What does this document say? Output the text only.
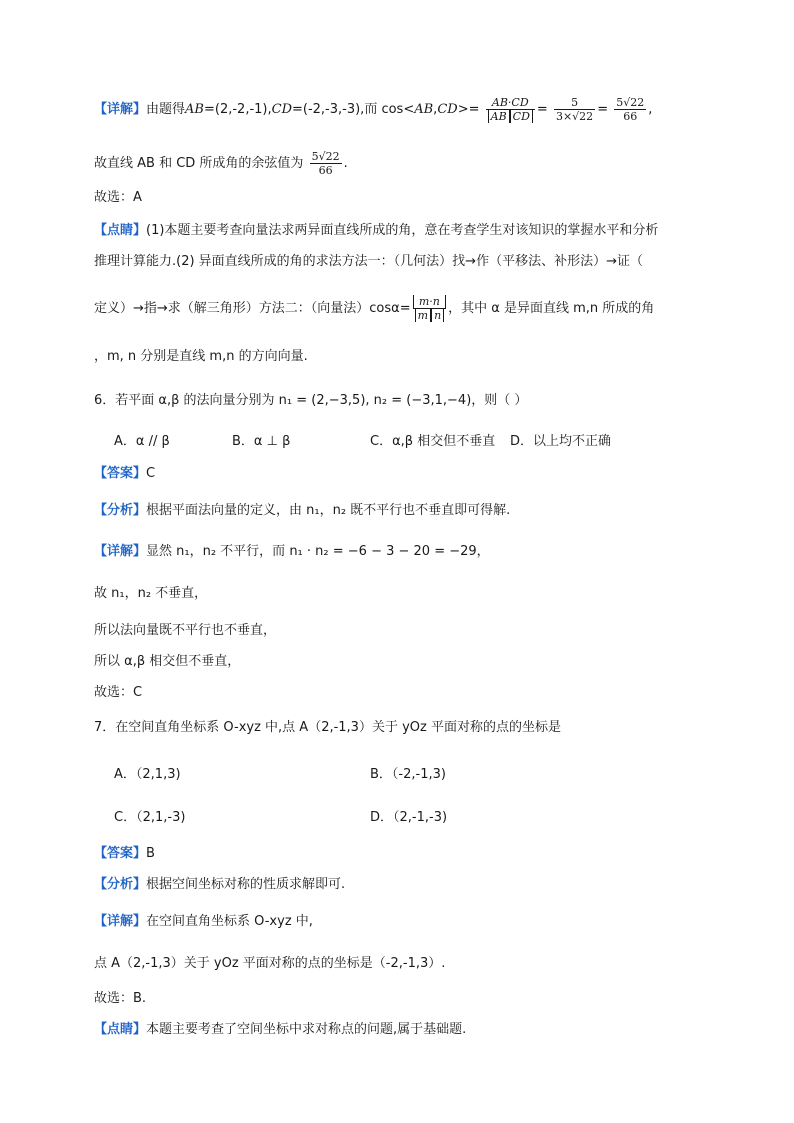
【详解】由题得AB=(2,-2,-1),CD=(-2,-3,-3),而 $\cos<AB,CD>= \frac{AB\cdot CD}{\text{AB CD}} = \frac{5}{3\times√22} = \frac{5√22}{66}$ ,
故直线 AB 和 CD 所成角的余弦值为 $\frac{5√22}{66}$ .
故选：A
【点睛】(1)本题主要考查向量法求两异面直线所成的角，意在考查学生对该知识的掌握水平和分析
推理计算能力.(2) 异面直线所成的角的求法方法一：（几何法）找→作（平移法、补形法）→证（
定义）→指→求（解三角形）方法二：（向量法）$\cos\alpha= \frac{m\cdot n}{\text{m n}}$ ，其中 α 是异面直线 m,n 所成的角
，m, n 分别是直线 m,n 的方向向量.
6．若平面 α,β 的法向量分别为 n₁ = (2,−3,5), n₂ = (−3,1,−4)，则（ ）
A．α // β	B．α ⊥ β	C．α,β 相交但不垂直 D．以上均不正确
【答案】C
【分析】根据平面法向量的定义，由 n₁，n₂ 既不平行也不垂直即可得解.
【详解】显然 n₁，n₂ 不平行，而 n₁ · n₂ = −6 − 3 − 20 = −29，
故 n₁，n₂ 不垂直，
所以法向量既不平行也不垂直，
所以 α,β 相交但不垂直，
故选：C
7．在空间直角坐标系 O-xyz 中,点 A（2,-1,3）关于 yOz 平面对称的点的坐标是
A．（2,1,3)	B．（-2,-1,3)
C．（2,1,-3)	D．（2,-1,-3)
【答案】B
【分析】根据空间坐标对称的性质求解即可.
【详解】在空间直角坐标系 O-xyz 中,
点 A（2,-1,3）关于 yOz 平面对称的点的坐标是（-2,-1,3）.
故选：B.
【点睛】本题主要考查了空间坐标中求对称点的问题,属于基础题.
